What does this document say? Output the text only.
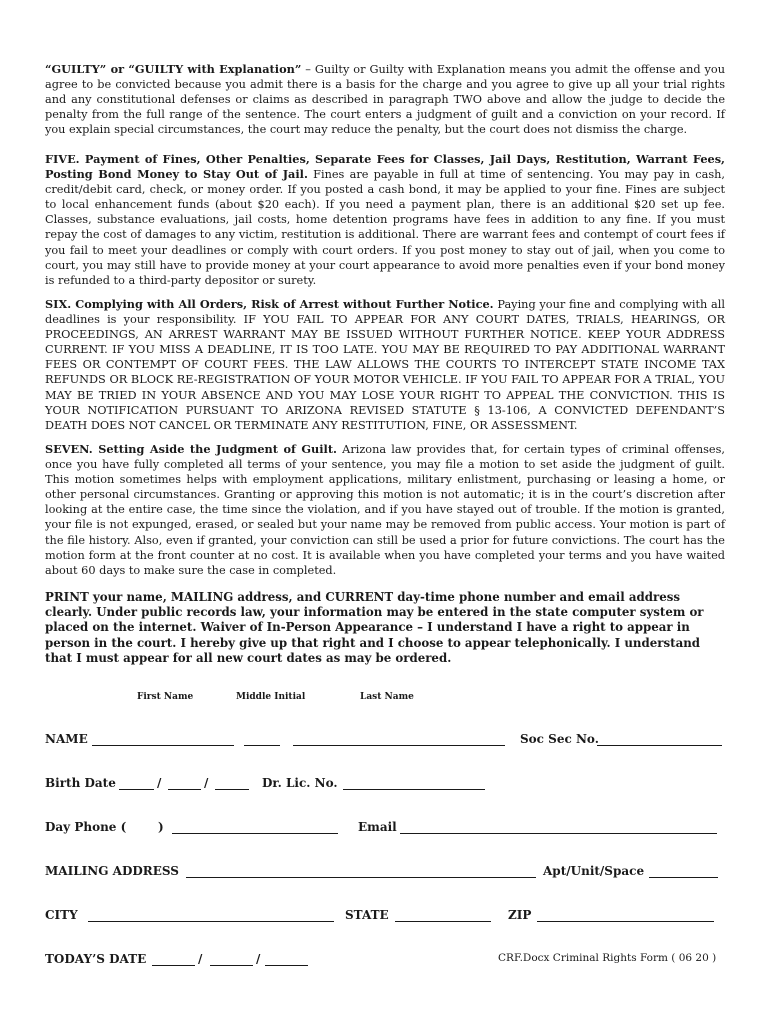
“GUILTY” or “GUILTY with Explanation” – Guilty or Guilty with Explanation means you admit the offense and you agree to be convicted because you admit there is a basis for the charge and you agree to give up all your trial rights and any constitutional defenses or claims as described in paragraph TWO above and allow the judge to decide the penalty from the full range of the sentence. The court enters a judgment of guilt and a conviction on your record. If you explain special circumstances, the court may reduce the penalty, but the court does not dismiss the charge.
FIVE. Payment of Fines, Other Penalties, Separate Fees for Classes, Jail Days, Restitution, Warrant Fees, Posting Bond Money to Stay Out of Jail. Fines are payable in full at time of sentencing. You may pay in cash, credit/debit card, check, or money order. If you posted a cash bond, it may be applied to your fine. Fines are subject to local enhancement funds (about $20 each). If you need a payment plan, there is an additional $20 set up fee. Classes, substance evaluations, jail costs, home detention programs have fees in addition to any fine. If you must repay the cost of damages to any victim, restitution is additional. There are warrant fees and contempt of court fees if you fail to meet your deadlines or comply with court orders. If you post money to stay out of jail, when you come to court, you may still have to provide money at your court appearance to avoid more penalties even if your bond money is refunded to a third-party depositor or surety.
SIX. Complying with All Orders, Risk of Arrest without Further Notice. Paying your fine and complying with all deadlines is your responsibility. IF YOU FAIL TO APPEAR FOR ANY COURT DATES, TRIALS, HEARINGS, OR PROCEEDINGS, AN ARREST WARRANT MAY BE ISSUED WITHOUT FURTHER NOTICE. KEEP YOUR ADDRESS CURRENT. IF YOU MISS A DEADLINE, IT IS TOO LATE. YOU MAY BE REQUIRED TO PAY ADDITIONAL WARRANT FEES OR CONTEMPT OF COURT FEES. THE LAW ALLOWS THE COURTS TO INTERCEPT STATE INCOME TAX REFUNDS OR BLOCK RE-REGISTRATION OF YOUR MOTOR VEHICLE. IF YOU FAIL TO APPEAR FOR A TRIAL, YOU MAY BE TRIED IN YOUR ABSENCE AND YOU MAY LOSE YOUR RIGHT TO APPEAL THE CONVICTION. THIS IS YOUR NOTIFICATION PURSUANT TO ARIZONA REVISED STATUTE § 13-106, A CONVICTED DEFENDANT’S DEATH DOES NOT CANCEL OR TERMINATE ANY RESTITUTION, FINE, OR ASSESSMENT.
SEVEN. Setting Aside the Judgment of Guilt. Arizona law provides that, for certain types of criminal offenses, once you have fully completed all terms of your sentence, you may file a motion to set aside the judgment of guilt. This motion sometimes helps with employment applications, military enlistment, purchasing or leasing a home, or other personal circumstances. Granting or approving this motion is not automatic; it is in the court’s discretion after looking at the entire case, the time since the violation, and if you have stayed out of trouble. If the motion is granted, your file is not expunged, erased, or sealed but your name may be removed from public access. Your motion is part of the file history. Also, even if granted, your conviction can still be used a prior for future convictions. The court has the motion form at the front counter at no cost. It is available when you have completed your terms and you have waited about 60 days to make sure the case in completed.
PRINT your name, MAILING address, and CURRENT day-time phone number and email address clearly. Under public records law, your information may be entered in the state computer system or placed on the internet. Waiver of In-Person Appearance – I understand I have a right to appear in person in the court. I hereby give up that right and I choose to appear telephonically. I understand that I must appear for all new court dates as may be ordered.
First Name	Middle Initial	Last Name
NAME	Soc Sec No.
Birth Date	/	/	Dr. Lic. No.
Day Phone (	)	Email
MAILING ADDRESS	Apt/Unit/Space
CITY	STATE	ZIP
TODAY’S DATE	/	/	CRF.Docx Criminal Rights Form ( 06 20 )
